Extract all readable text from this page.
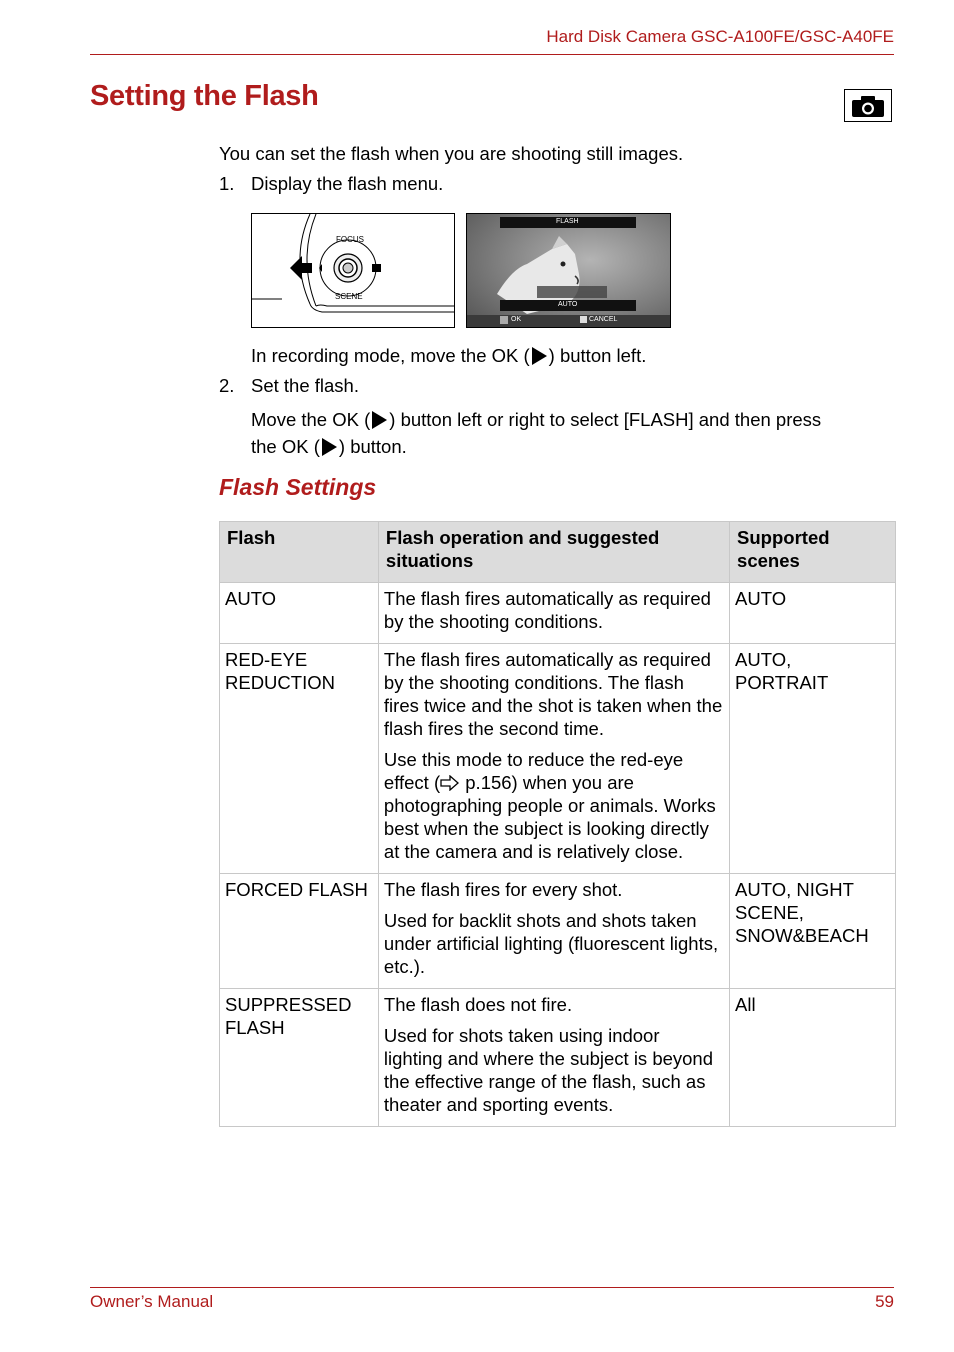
Hard Disk Camera GSC-A100FE/GSC-A40FE
Setting the Flash
You can set the flash when you are shooting still images.
1. Display the flash menu.
FOCUS
SCENE
FLASH
AUTO
OK	CANCEL
In recording mode, move the OK ( ) button left.
2. Set the flash.
Move the OK ( ) button left or right to select [FLASH] and then press
the OK ( ) button.
Flash Settings
Flash	Flash operation and suggested situations	Supported scenes
AUTO	The flash fires automatically as required by the shooting conditions.	AUTO
RED-EYE REDUCTION	The flash fires automatically as required by the shooting conditions. The flash fires twice and the shot is taken when the flash fires the second time.

Use this mode to reduce the red-eye effect ( p.156) when you are photographing people or animals. Works best when the subject is looking directly at the camera and is relatively close.	AUTO, PORTRAIT
FORCED FLASH	The flash fires for every shot.

Used for backlit shots and shots taken under artificial lighting (fluorescent lights, etc.).	AUTO, NIGHT SCENE, SNOW&BEACH
SUPPRESSED FLASH	The flash does not fire.

Used for shots taken using indoor lighting and where the subject is beyond the effective range of the flash, such as theater and sporting events.	All
Owner’s Manual	59
